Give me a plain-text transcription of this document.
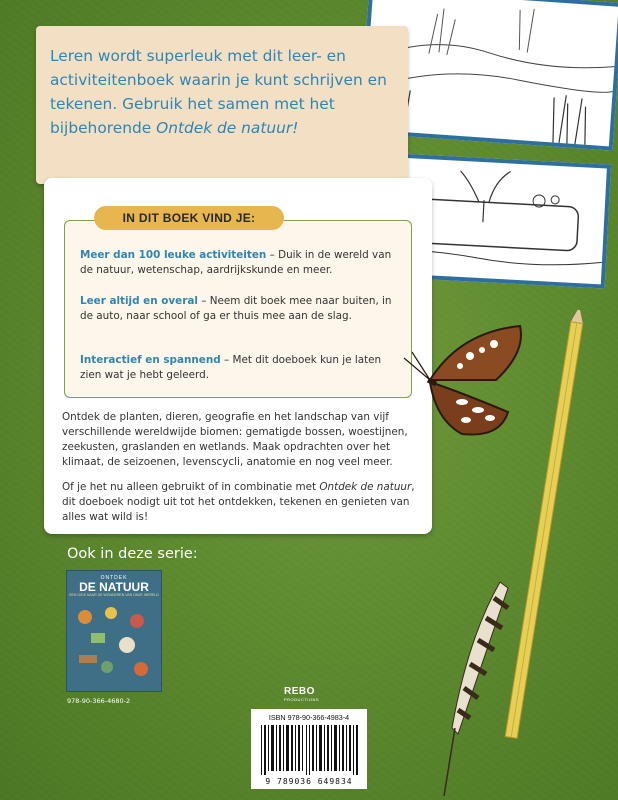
Leren wordt superleuk met dit leer- en activiteitenboek waarin je kunt schrijven en tekenen. Gebruik het samen met het bijbehorende Ontdek de natuur!
IN DIT BOEK VIND JE:
Meer dan 100 leuke activiteiten – Duik in de wereld van de natuur, wetenschap, aardrijkskunde en meer.
Leer altijd en overal – Neem dit boek mee naar buiten, in de auto, naar school of ga er thuis mee aan de slag.
Interactief en spannend – Met dit doeboek kun je laten zien wat je hebt geleerd.
Ontdek de planten, dieren, geografie en het landschap van vijf verschillende wereldwijde biomen: gematigde bossen, woestijnen, zeekusten, graslanden en wetlands. Maak opdrachten over het klimaat, de seizoenen, levenscycli, anatomie en nog veel meer.
Of je het nu alleen gebruikt of in combinatie met Ontdek de natuur, dit doeboek nodigt uit tot het ontdekken, tekenen en genieten van alles wat wild is!
Ook in deze serie:
ONTDEK
DE NATUUR
EEN GIDS NAAR DE WONDEREN VAN ONZE WERELD
978-90-366-4680-2
REBO
PRODUCTIONS
ISBN 978-90-366-4983-4
9 789036 649834
